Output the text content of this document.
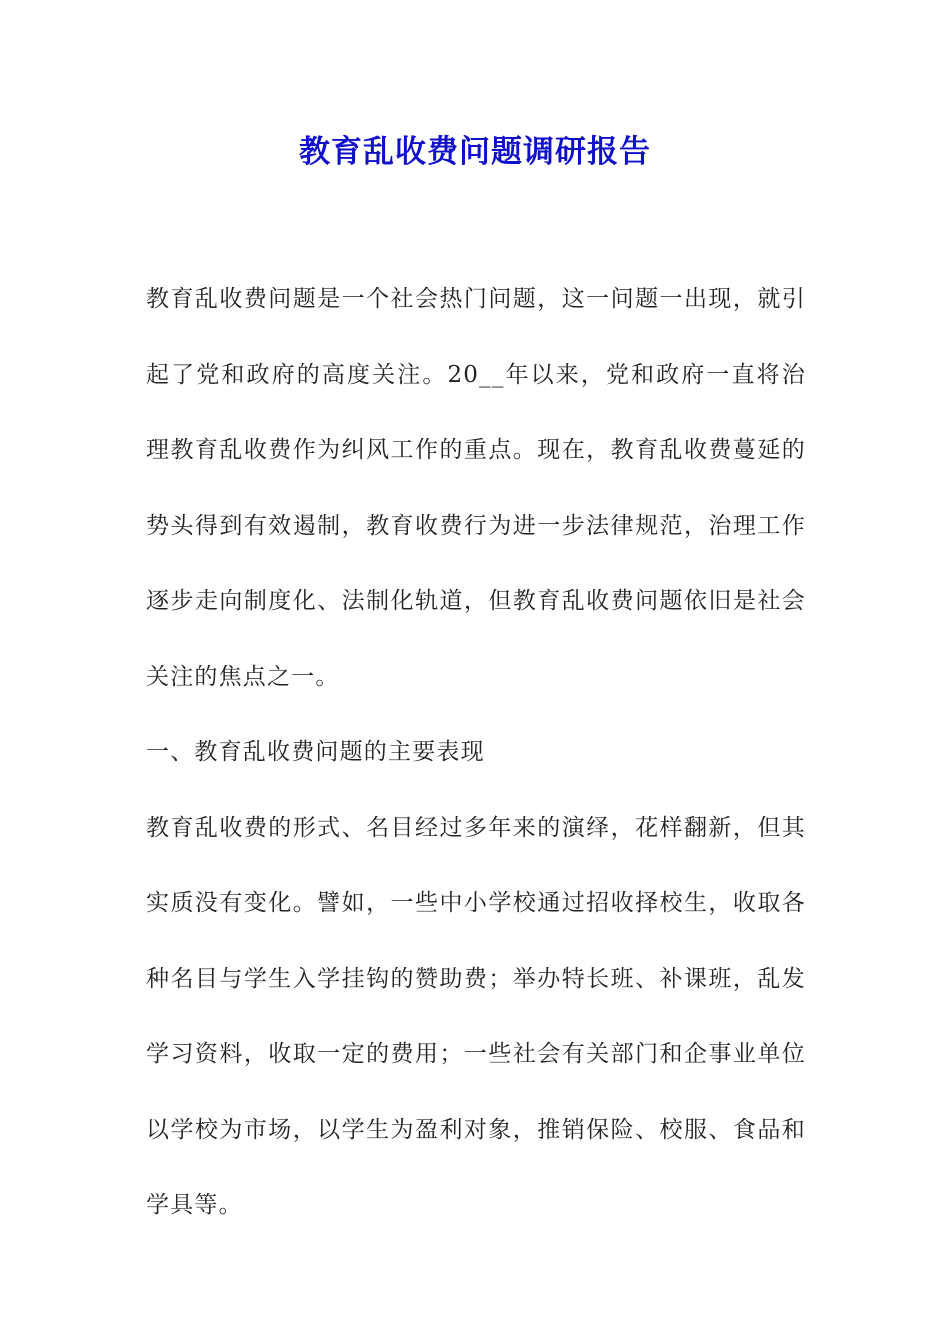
教育乱收费问题调研报告

教育乱收费问题是一个社会热门问题，这一问题一出现，就引起了党和政府的高度关注。20__年以来，党和政府一直将治理教育乱收费作为纠风工作的重点。现在，教育乱收费蔓延的势头得到有效遏制，教育收费行为进一步法律规范，治理工作逐步走向制度化、法制化轨道，但教育乱收费问题依旧是社会关注的焦点之一。

一、教育乱收费问题的主要表现

教育乱收费的形式、名目经过多年来的演绎，花样翻新，但其实质没有变化。譬如，一些中小学校通过招收择校生，收取各种名目与学生入学挂钩的赞助费；举办特长班、补课班，乱发学习资料，收取一定的费用；一些社会有关部门和企事业单位以学校为市场，以学生为盈利对象，推销保险、校服、食品和学具等。
